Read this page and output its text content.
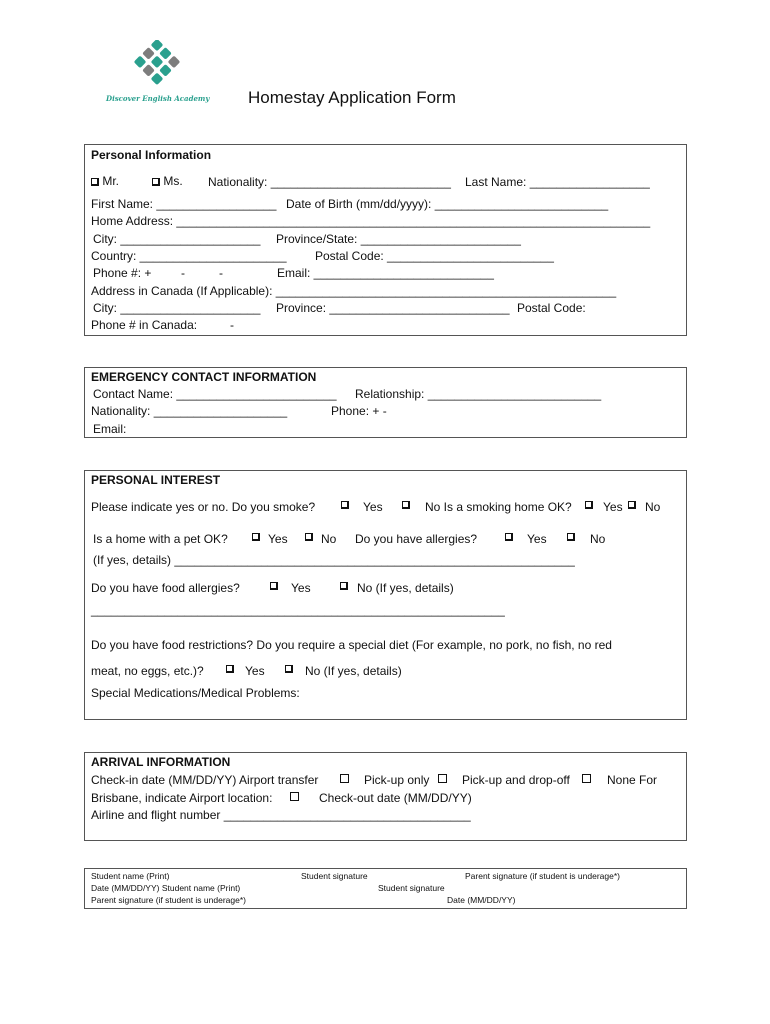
Discover English Academy Homestay Application Form
Personal Information
Mr.	Ms. Nationality: ___________________________ Last Name: __________________
First Name: __________________ Date of Birth (mm/dd/yyyy): __________________________
Home Address: _______________________________________________________________________
City: _____________________ Province/State: ________________________
Country: ______________________ Postal Code: _________________________
Phone #: + -	-	Email: ___________________________
Address in Canada (If Applicable): ___________________________________________________
City: _____________________ Province: ___________________________ Postal Code:
Phone # in Canada:	-
EMERGENCY CONTACT INFORMATION
Contact Name: ________________________ Relationship: __________________________
Nationality: ____________________	Phone: + -
Email:
PERSONAL INTEREST
Please indicate yes or no. Do you smoke?	Yes	No Is a smoking home OK?	Yes No
Is a home with a pet OK?	Yes	No Do you have allergies?	Yes	No
(If yes, details) ____________________________________________________________
Do you have food allergies?	Yes	No (If yes, details)
______________________________________________________________
Do you have food restrictions? Do you require a special diet (For example, no pork, no fish, no red
meat, no eggs, etc.)?	Yes	No (If yes, details)
Special Medications/Medical Problems:
ARRIVAL INFORMATION
Check-in date (MM/DD/YY) Airport transfer	Pick-up only	Pick-up and drop-off	None For
Brisbane, indicate Airport location:	Check-out date (MM/DD/YY)
Airline and flight number _____________________________________
Student name (Print)	Student signature	Parent signature (if student is underage*)
Date (MM/DD/YY) Student name (Print)	Student signature
Parent signature (if student is underage*)	Date (MM/DD/YY)
